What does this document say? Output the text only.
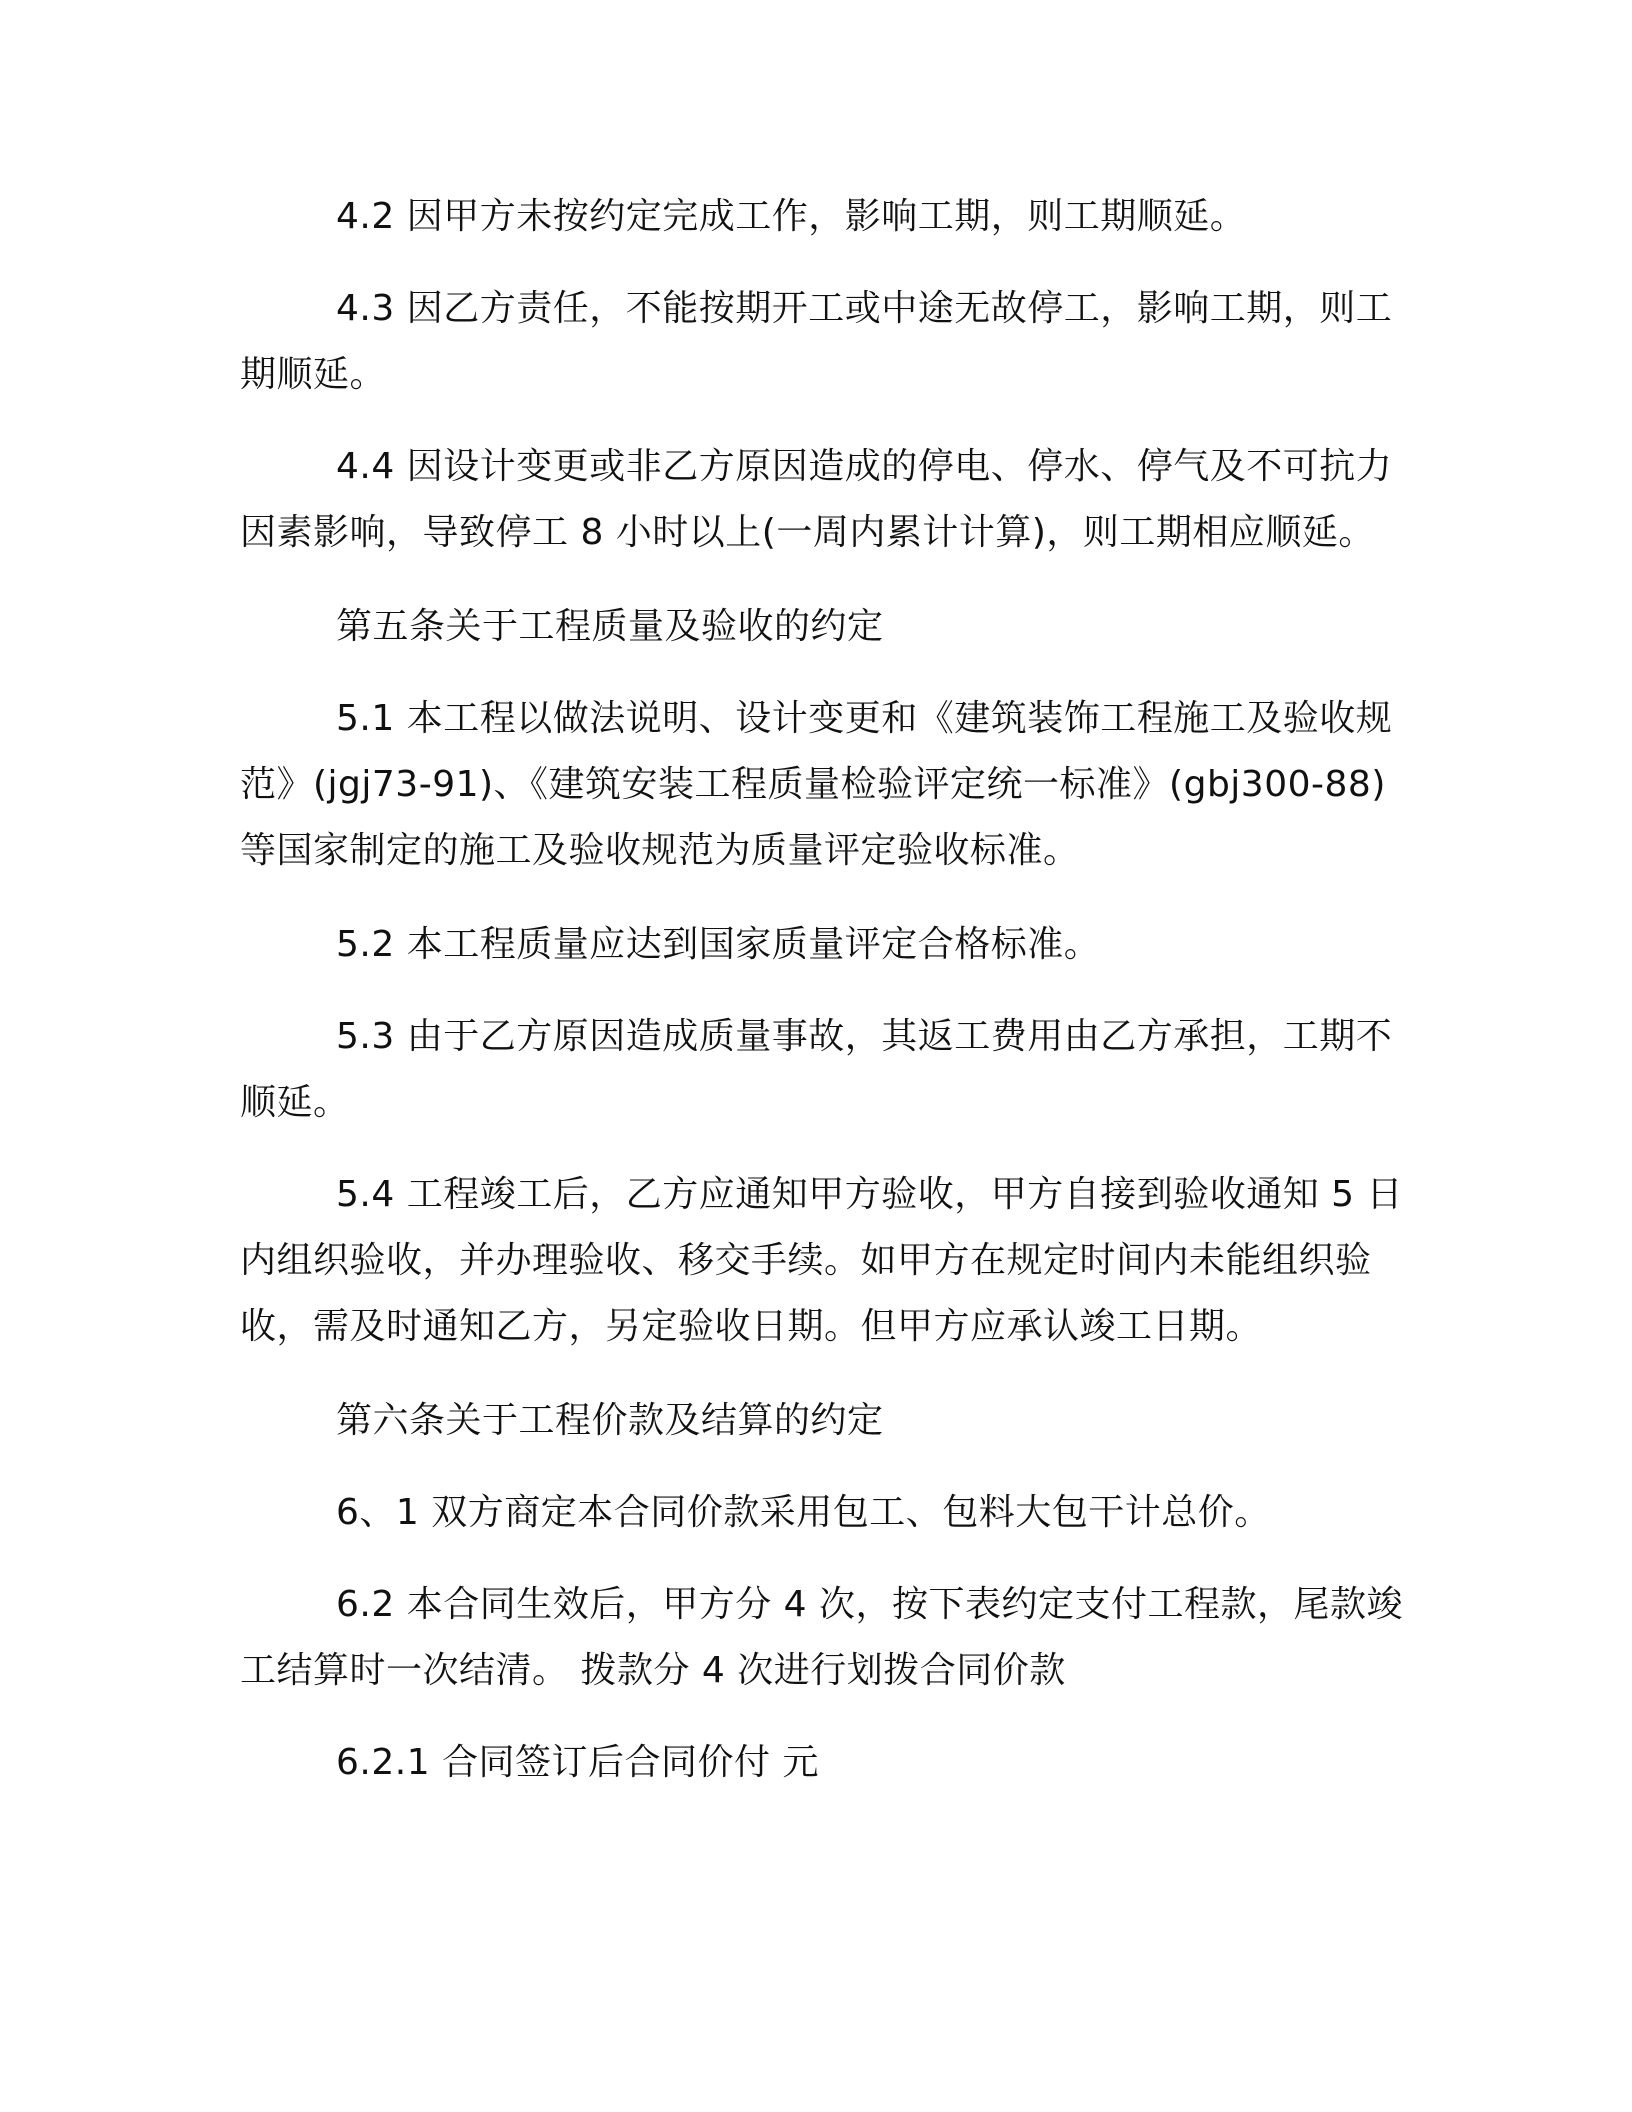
4.2 因甲方未按约定完成工作，影响工期，则工期顺延。

4.3 因乙方责任，不能按期开工或中途无故停工，影响工期，则工期顺延。

4.4 因设计变更或非乙方原因造成的停电、停水、停气及不可抗力因素影响，导致停工 8 小时以上(一周内累计计算)，则工期相应顺延。

第五条关于工程质量及验收的约定

5.1 本工程以做法说明、设计变更和《建筑装饰工程施工及验收规范》(jgj73-91)、《建筑安装工程质量检验评定统一标准》(gbj300-88)等国家制定的施工及验收规范为质量评定验收标准。

5.2 本工程质量应达到国家质量评定合格标准。

5.3 由于乙方原因造成质量事故，其返工费用由乙方承担，工期不顺延。

5.4 工程竣工后，乙方应通知甲方验收，甲方自接到验收通知 5 日内组织验收，并办理验收、移交手续。如甲方在规定时间内未能组织验收，需及时通知乙方，另定验收日期。但甲方应承认竣工日期。

第六条关于工程价款及结算的约定

6、1 双方商定本合同价款采用包工、包料大包干计总价。

6.2 本合同生效后，甲方分 4 次，按下表约定支付工程款，尾款竣工结算时一次结清。 拨款分 4 次进行划拨合同价款

6.2.1 合同签订后合同价付 元
